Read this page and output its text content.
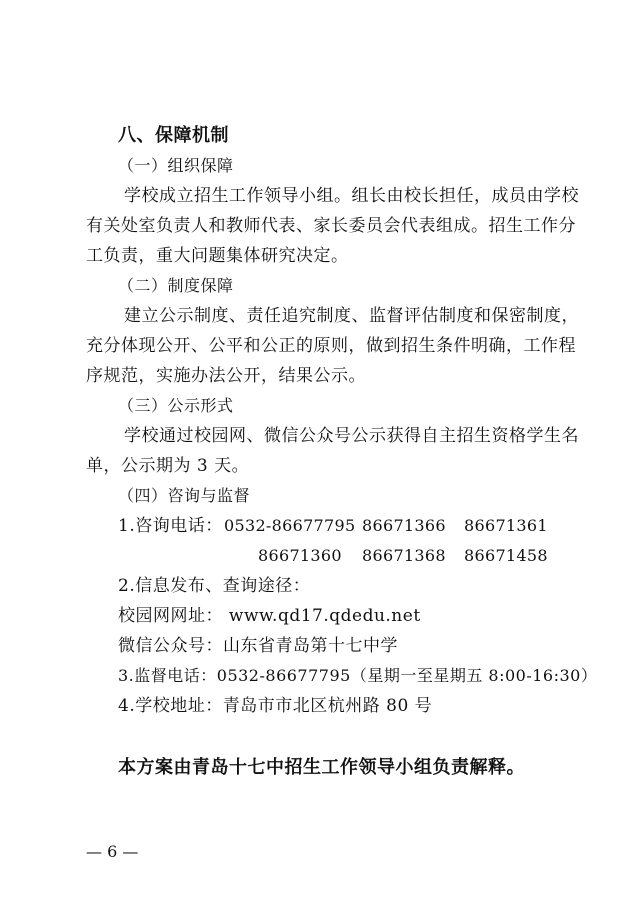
八、保障机制
（一）组织保障
学校成立招生工作领导小组。组长由校长担任，成员由学校
有关处室负责人和教师代表、家长委员会代表组成。招生工作分
工负责，重大问题集体研究决定。
（二）制度保障
建立公示制度、责任追究制度、监督评估制度和保密制度，
充分体现公开、公平和公正的原则，做到招生条件明确，工作程
序规范，实施办法公开，结果公示。
（三）公示形式
学校通过校园网、微信公众号公示获得自主招生资格学生名
单，公示期为 3 天。
（四）咨询与监督
1.咨询电话： 0532-86677795 86671366 86671361
86671360 86671368 86671458
2.信息发布、查询途径：
校园网网址： www.qd17.qdedu.net
微信公众号：山东省青岛第十七中学
3.监督电话：0532-86677795（星期一至星期五 8:00-16:30）
4.学校地址：青岛市市北区杭州路 80 号
本方案由青岛十七中招生工作领导小组负责解释。
— 6 —
